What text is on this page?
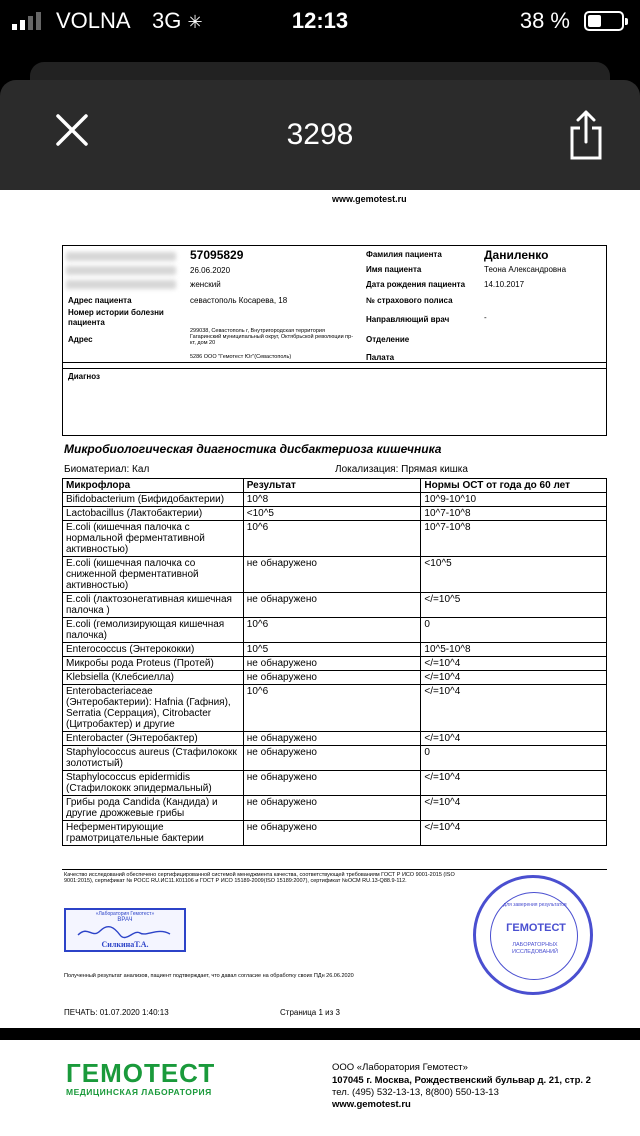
VOLNA 3G ✳	12:13	38 %
3298
www.gemotest.ru
57095829
26.06.2020
женский
Адрес пациента	севастополь Косарева, 18
Номер истории болезни пациента
Адрес
299038, Севастополь г, Внутригородская территория Гагаринский муниципальный округ, Октябрьской революции пр-кт, дом 20
5286 ООО "Гемотест Юг"(Севастополь)
Фамилия пациента	Даниленко
Имя пациента	Теона Александровна
Дата рождения пациента 14.10.2017
№ страхового полиса
Направляющий врач	-
Отделение
Палата
Диагноз
Микробиологическая диагностика дисбактериоза кишечника
Биоматериал: Кал	Локализация: Прямая кишка
Микрофлора	Результат	Нормы ОСТ от года до 60 лет
Bifidobacterium (Бифидобактерии)	10^8	10^9-10^10
Lactobacillus (Лактобактерии)	<10^5	10^7-10^8
E.coli (кишечная палочка с нормальной ферментативной активностью)	10^6	10^7-10^8
E.coli (кишечная палочка со сниженной ферментативной активностью)	не обнаружено	<10^5
E.coli (лактозонегативная кишечная палочка )	не обнаружено	</=10^5
E.coli (гемолизирующая кишечная палочка)	10^6	0
Enterococcus (Энтерококки)	10^5	10^5-10^8
Микробы рода Proteus (Протей)	не обнаружено	</=10^4
Klebsiella (Клебсиелла)	не обнаружено	</=10^4
Enterobacteriaceae (Энтеробактерии): Hafnia (Гафния), Serratia (Серрация), Citrobacter (Цитробактер) и другие	10^6	</=10^4
Enterobacter (Энтеробактер)	не обнаружено	</=10^4
Staphylococcus aureus (Стафилококк золотистый)	не обнаружено	0
Staphylococcus epidermidis (Стафилококк эпидермальный)	не обнаружено	</=10^4
Грибы рода Candida (Кандида) и другие дрожжевые грибы	не обнаружено	</=10^4
Неферментирующие грамотрицательные бактерии	не обнаружено	</=10^4
Качество исследований обеспечено сертифицированной системой менеджмента качества, соответствующей требованиям ГОСТ Р ИСО 9001-2015 (ISO 9001:2015), сертификат № РОСС RU.ИС11.К01106 и ГОСТ Р ИСО 15189-2009(ISO 15189:2007), сертификат №ОСМ RU.13-Q88.9-112.
«Лаборатория Гемотест»
ВРАЧ
СилкинаТ.А.
для заверения результатов
ГЕМОТЕСТ
ЛАБОРАТОРНЫХ ИССЛЕДОВАНИЙ
Полученный результат анализов, пациент подтверждает, что давал согласие на обработку своих ПДн 26.06.2020
ПЕЧАТЬ: 01.07.2020 1:40:13	Страница 1 из 3
ГЕМОТЕСТ
МЕДИЦИНСКАЯ ЛАБОРАТОРИЯ
ООО «Лаборатория Гемотест»
107045 г. Москва, Рождественский бульвар д. 21, стр. 2
тел. (495) 532-13-13, 8(800) 550-13-13
www.gemotest.ru
